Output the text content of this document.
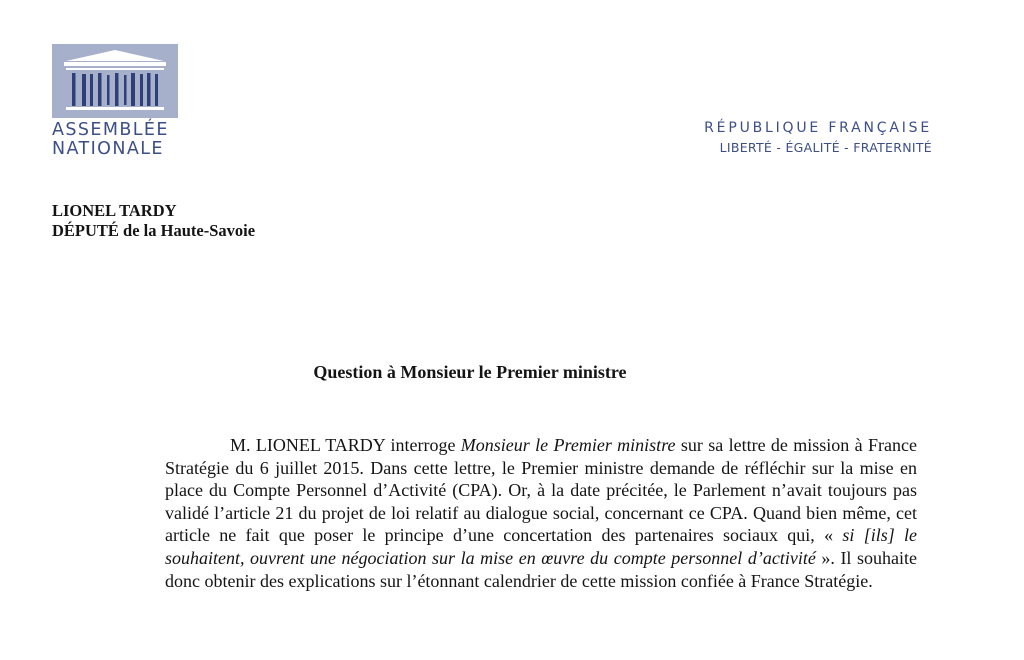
ASSEMBLÉE
NATIONALE
RÉPUBLIQUE FRANÇAISE
LIBERTÉ - ÉGALITÉ - FRATERNITÉ
LIONEL TARDY
DÉPUTÉ de la Haute-Savoie
Question à Monsieur le Premier ministre

M. LIONEL TARDY interroge Monsieur le Premier ministre sur sa lettre de mission à France Stratégie du 6 juillet 2015. Dans cette lettre, le Premier ministre demande de réfléchir sur la mise en place du Compte Personnel d’Activité (CPA). Or, à la date précitée, le Parlement n’avait toujours pas validé l’article 21 du projet de loi relatif au dialogue social, concernant ce CPA. Quand bien même, cet article ne fait que poser le principe d’une concertation des partenaires sociaux qui, « si [ils] le souhaitent, ouvrent une négociation sur la mise en œuvre du compte personnel d’activité ». Il souhaite donc obtenir des explications sur l’étonnant calendrier de cette mission confiée à France Stratégie.
